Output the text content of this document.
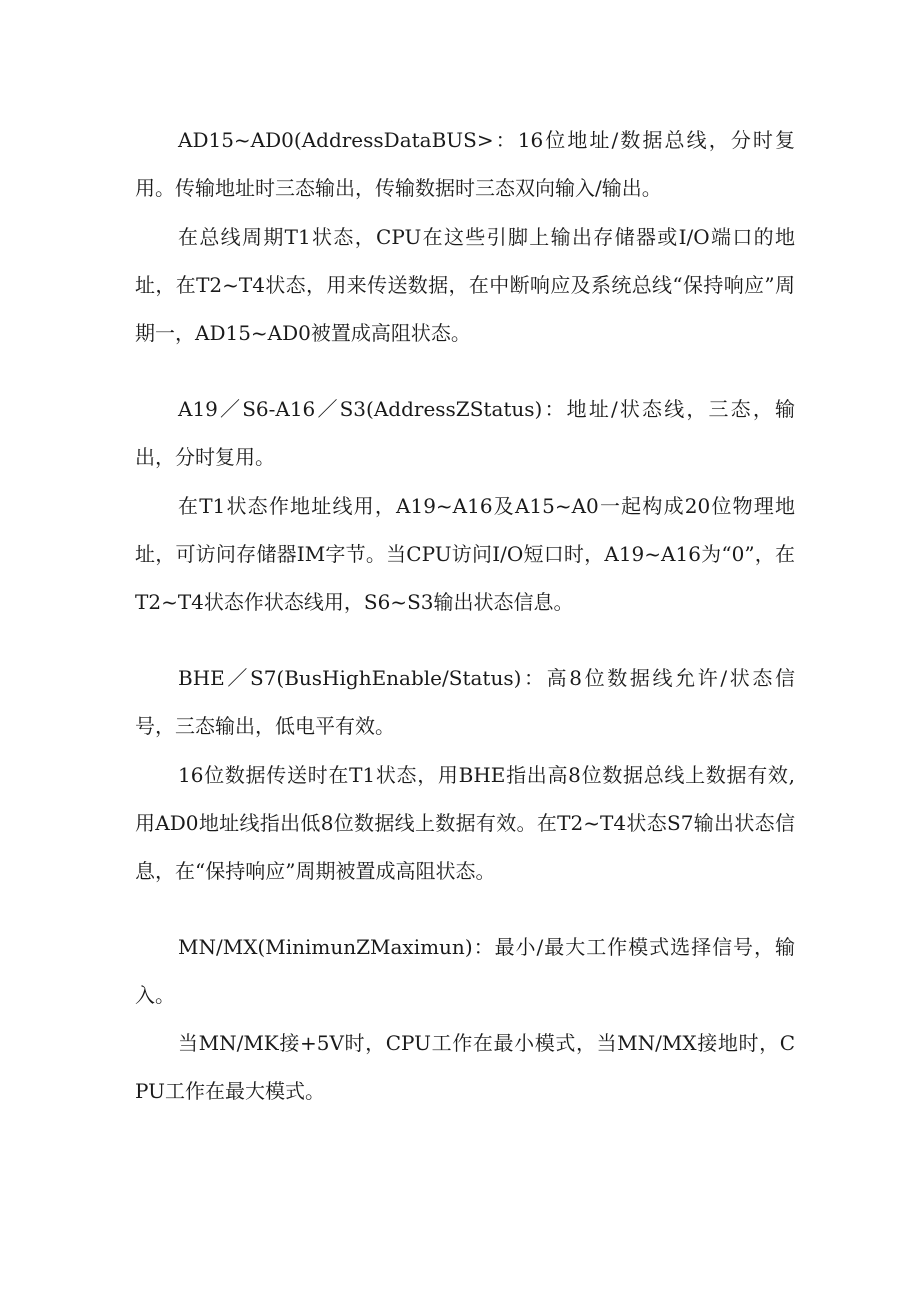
AD15~AD0(AddressDataBUS>：16位地址/数据总线，分时复用。传输地址时三态输出，传输数据时三态双向输入/输出。

在总线周期T1状态，CPU在这些引脚上输出存储器或I/O端口的地址，在T2~T4状态，用来传送数据，在中断响应及系统总线“保持响应”周期一，AD15~AD0被置成高阻状态。

A19／S6-A16／S3(AddressZStatus)：地址/状态线，三态，输出，分时复用。

在T1状态作地址线用，A19~A16及A15~A0一起构成20位物理地址，可访问存储器IM字节。当CPU访问I/O短口时，A19~A16为“0”，在T2~T4状态作状态线用，S6~S3输出状态信息。

BHE／S7(BusHighEnable/Status)：高8位数据线允许/状态信号，三态输出，低电平有效。

16位数据传送时在T1状态，用BHE指出高8位数据总线上数据有效,用AD0地址线指出低8位数据线上数据有效。在T2~T4状态S7输出状态信息，在“保持响应”周期被置成高阻状态。

MN/MX(MinimunZMaximun)：最小/最大工作模式选择信号，输入。

当MN/MK接+5V时，CPU工作在最小模式，当MN/MX接地时，CPU工作在最大模式。
